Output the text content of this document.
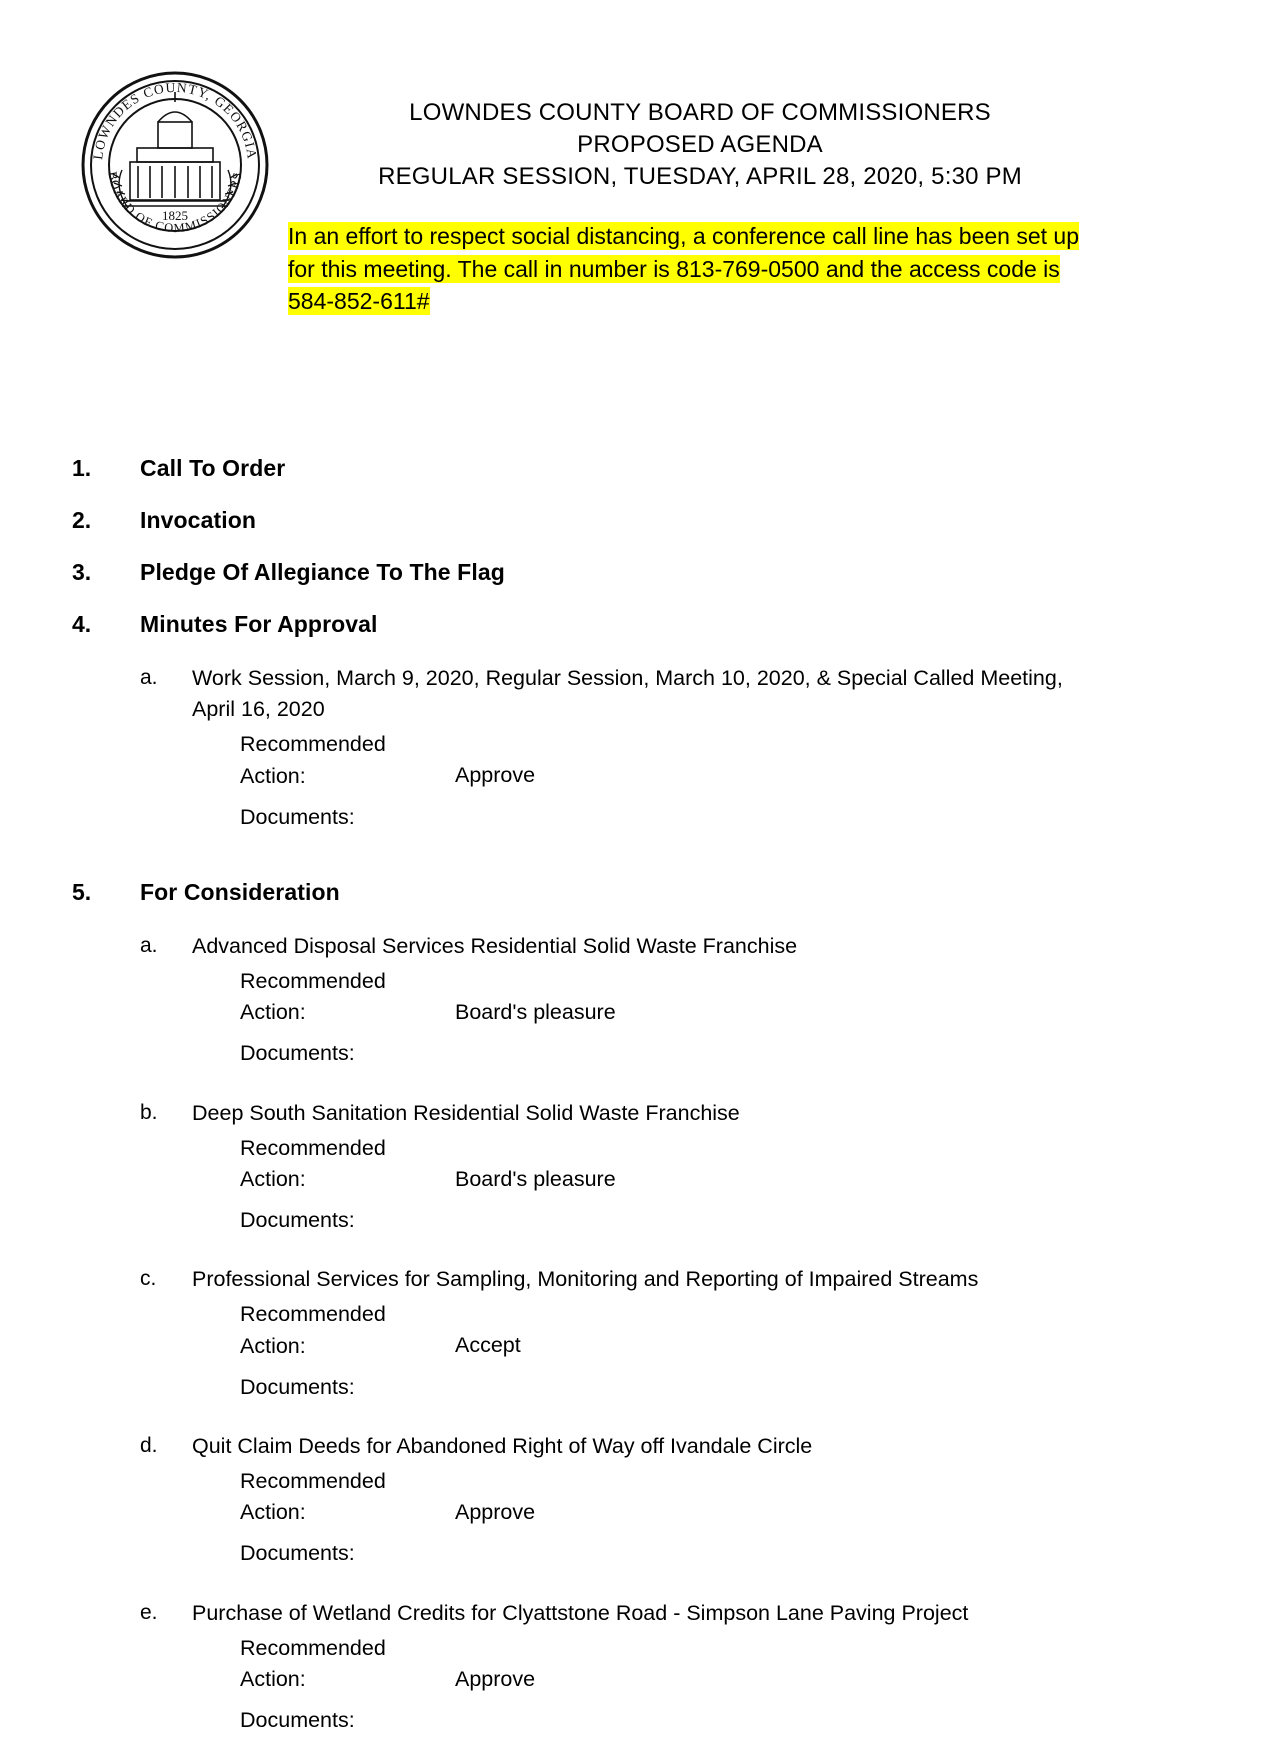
1825
LOWNDES COUNTY, GEORGIA
BOARD OF COMMISSIONERS
LOWNDES COUNTY BOARD OF COMMISSIONERS
PROPOSED AGENDA
REGULAR SESSION, TUESDAY, APRIL 28, 2020, 5:30 PM
In an effort to respect social distancing, a conference call line has been set up for this meeting. The call in number is 813-769-0500 and the access code is 584-852-611#
1. Call To Order
2. Invocation
3. Pledge Of Allegiance To The Flag
4. Minutes For Approval
a. Work Session, March 9, 2020, Regular Session, March 10, 2020, & Special Called Meeting, April 16, 2020
Recommended Action:	Approve
Documents:
5. For Consideration
a. Advanced Disposal Services Residential Solid Waste Franchise
Recommended Action:	Board's pleasure
Documents:
b. Deep South Sanitation Residential Solid Waste Franchise
Recommended Action:	Board's pleasure
Documents:
c. Professional Services for Sampling, Monitoring and Reporting of Impaired Streams
Recommended Action:	Accept
Documents:
d. Quit Claim Deeds for Abandoned Right of Way off Ivandale Circle
Recommended Action:	Approve
Documents:
e. Purchase of Wetland Credits for Clyattstone Road - Simpson Lane Paving Project
Recommended Action:	Approve
Documents:
